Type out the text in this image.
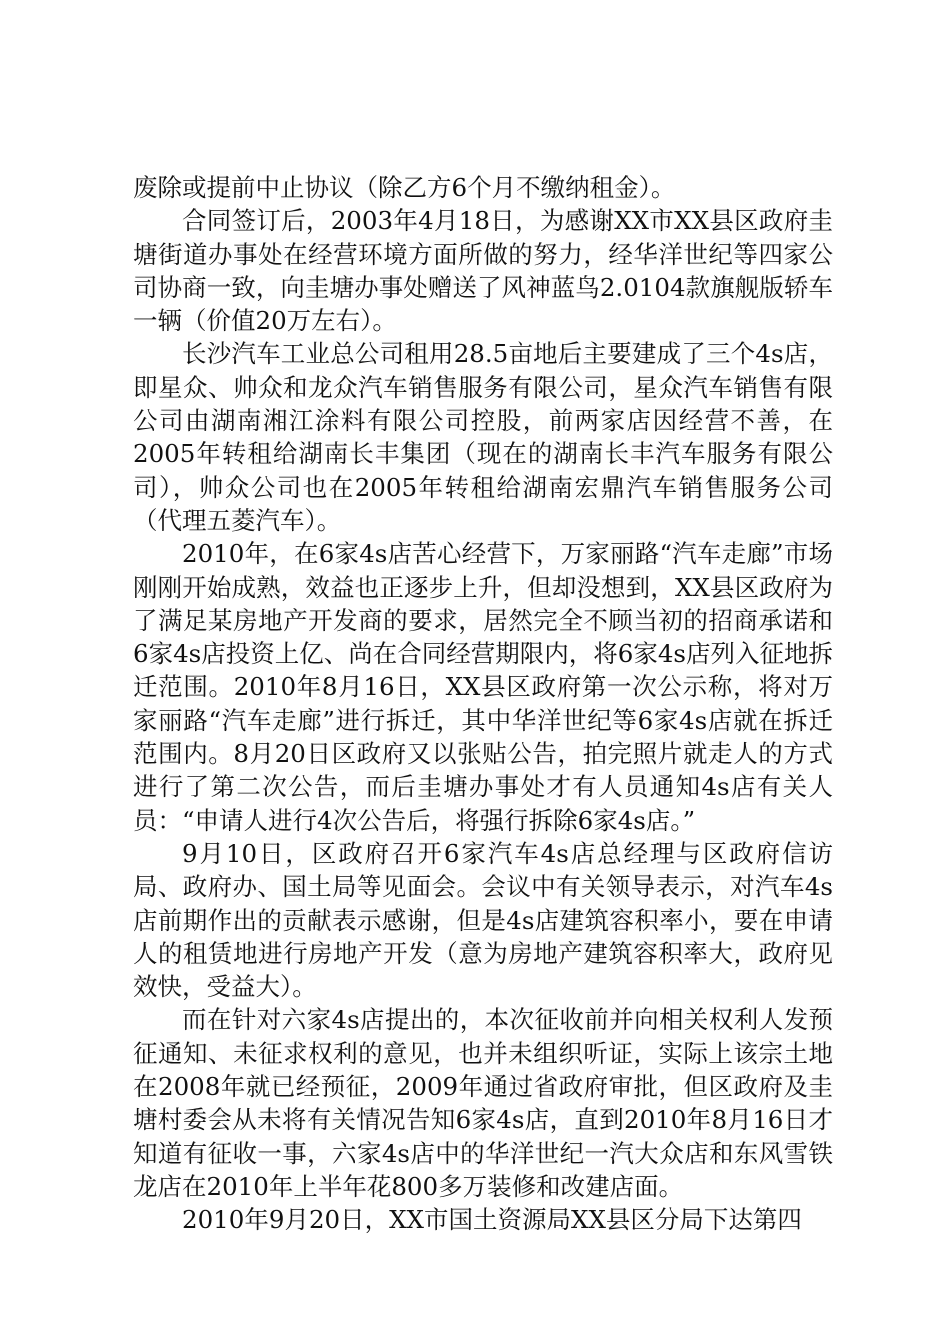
废除或提前中止协议（除乙方6个月不缴纳租金）。

合同签订后，2003年4月18日，为感谢XX市XX县区政府圭塘街道办事处在经营环境方面所做的努力，经华洋世纪等四家公司协商一致，向圭塘办事处赠送了风神蓝鸟2.0104款旗舰版轿车一辆（价值20万左右）。

长沙汽车工业总公司租用28.5亩地后主要建成了三个4s店，即星众、帅众和龙众汽车销售服务有限公司，星众汽车销售有限公司由湖南湘江涂料有限公司控股，前两家店因经营不善，在2005年转租给湖南长丰集团（现在的湖南长丰汽车服务有限公司），帅众公司也在2005年转租给湖南宏鼎汽车销售服务公司（代理五菱汽车）。

2010年，在6家4s店苦心经营下，万家丽路“汽车走廊”市场刚刚开始成熟，效益也正逐步上升，但却没想到，XX县区政府为了满足某房地产开发商的要求，居然完全不顾当初的招商承诺和6家4s店投资上亿、尚在合同经营期限内，将6家4s店列入征地拆迁范围。2010年8月16日，XX县区政府第一次公示称，将对万家丽路“汽车走廊”进行拆迁，其中华洋世纪等6家4s店就在拆迁范围内。8月20日区政府又以张贴公告，拍完照片就走人的方式进行了第二次公告，而后圭塘办事处才有人员通知4s店有关人员：“申请人进行4次公告后，将强行拆除6家4s店。”

9月10日，区政府召开6家汽车4s店总经理与区政府信访局、政府办、国土局等见面会。会议中有关领导表示，对汽车4s店前期作出的贡献表示感谢，但是4s店建筑容积率小，要在申请人的租赁地进行房地产开发（意为房地产建筑容积率大，政府见效快，受益大）。

而在针对六家4s店提出的，本次征收前并向相关权利人发预征通知、未征求权利的意见，也并未组织听证，实际上该宗土地在2008年就已经预征，2009年通过省政府审批，但区政府及圭塘村委会从未将有关情况告知6家4s店，直到2010年8月16日才知道有征收一事，六家4s店中的华洋世纪一汽大众店和东风雪铁龙店在2010年上半年花800多万装修和改建店面。

2010年9月20日，XX市国土资源局XX县区分局下达第四
